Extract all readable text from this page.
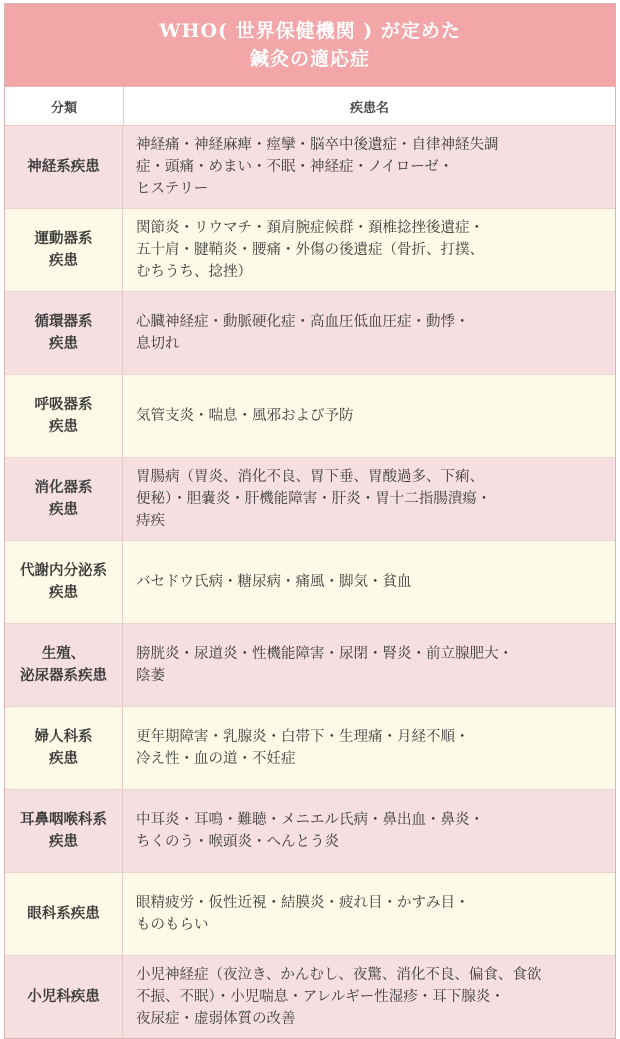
WHO( 世界保健機関 ) が定めた
鍼灸の適応症
分類	疾患名
神経系疾患
神経痛・神経麻痺・痙攣・脳卒中後遺症・自律神経失調
症・頭痛・めまい・不眠・神経症・ノイローゼ・
ヒステリー
運動器系
疾患
関節炎・リウマチ・頚肩腕症候群・頚椎捻挫後遺症・
五十肩・腱鞘炎・腰痛・外傷の後遺症（骨折、打撲、
むちうち、捻挫）
循環器系
疾患
心臓神経症・動脈硬化症・高血圧低血圧症・動悸・
息切れ
呼吸器系
疾患
気管支炎・喘息・風邪および予防
消化器系
疾患
胃腸病（胃炎、消化不良、胃下垂、胃酸過多、下痢、
便秘）・胆嚢炎・肝機能障害・肝炎・胃十二指腸潰瘍・
痔疾
代謝内分泌系
疾患
バセドウ氏病・糖尿病・痛風・脚気・貧血
生殖、
泌尿器系疾患
膀胱炎・尿道炎・性機能障害・尿閉・腎炎・前立腺肥大・
陰萎
婦人科系
疾患
更年期障害・乳腺炎・白帯下・生理痛・月経不順・
冷え性・血の道・不妊症
耳鼻咽喉科系
疾患
中耳炎・耳鳴・難聴・メニエル氏病・鼻出血・鼻炎・
ちくのう・喉頭炎・へんとう炎
眼科系疾患
眼精疲労・仮性近視・結膜炎・疲れ目・かすみ目・
ものもらい
小児科疾患
小児神経症（夜泣き、かんむし、夜驚、消化不良、偏食、食欲
不振、不眠）・小児喘息・アレルギー性湿疹・耳下腺炎・
夜尿症・虚弱体質の改善
